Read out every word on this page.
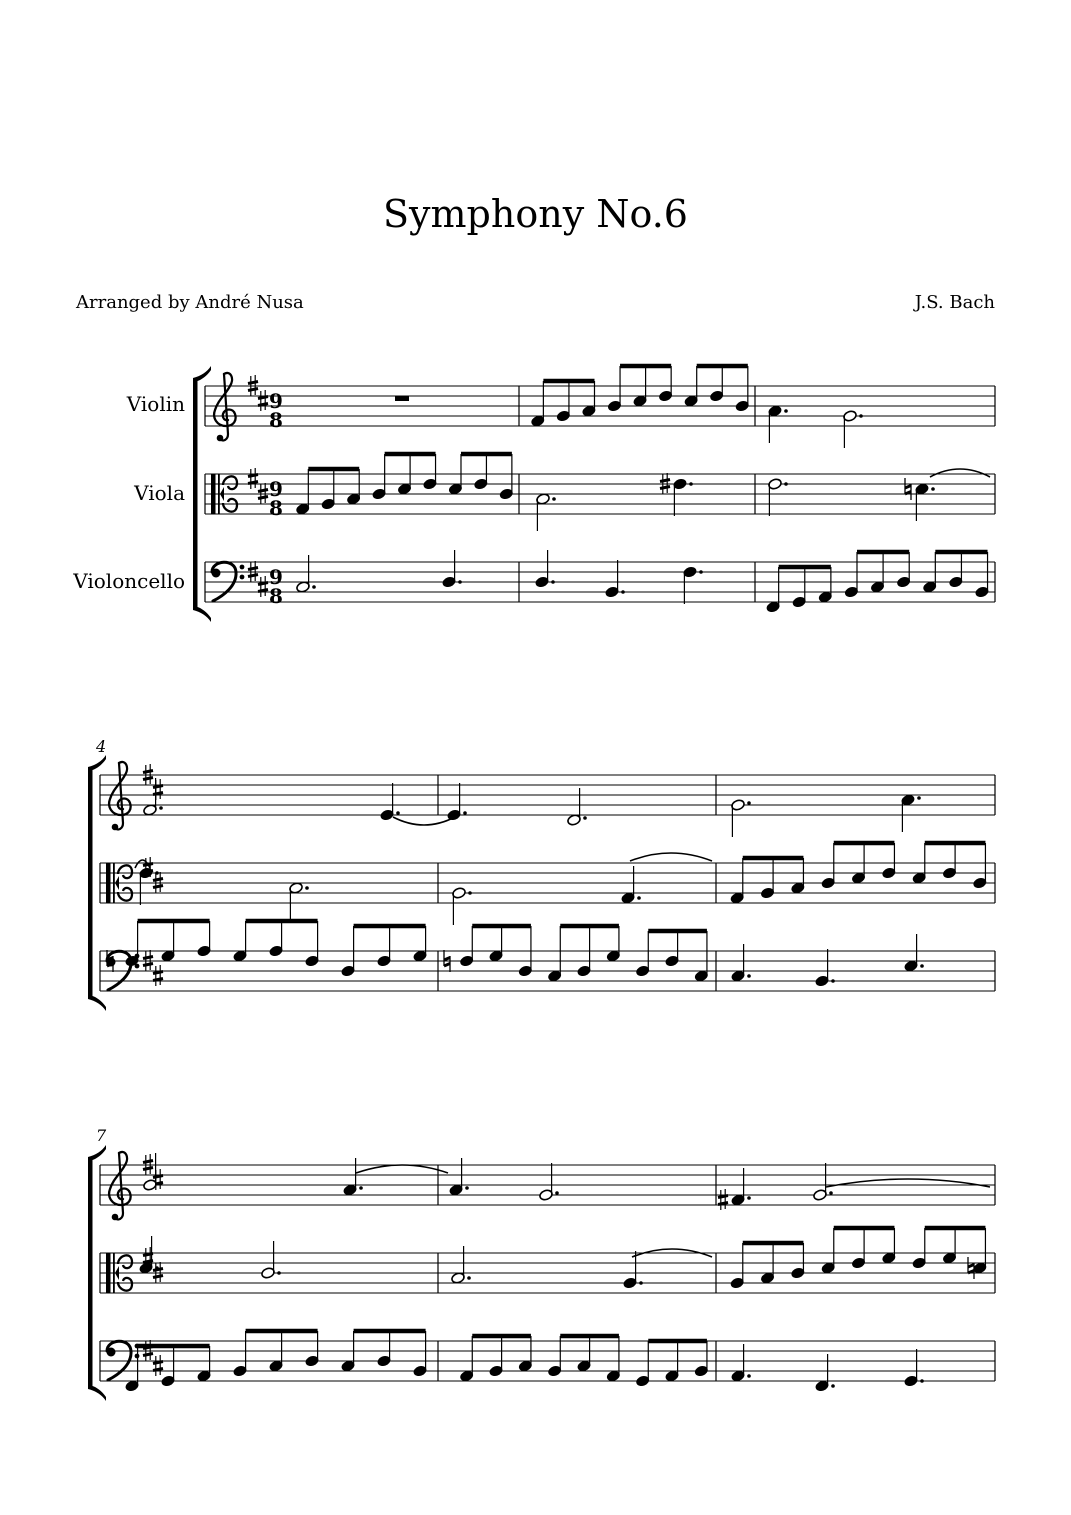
Symphony No.6
Arranged by André Nusa	J.S. Bach
Violin
Viola
Violoncello
4
7
9
8
9
8
9
8
